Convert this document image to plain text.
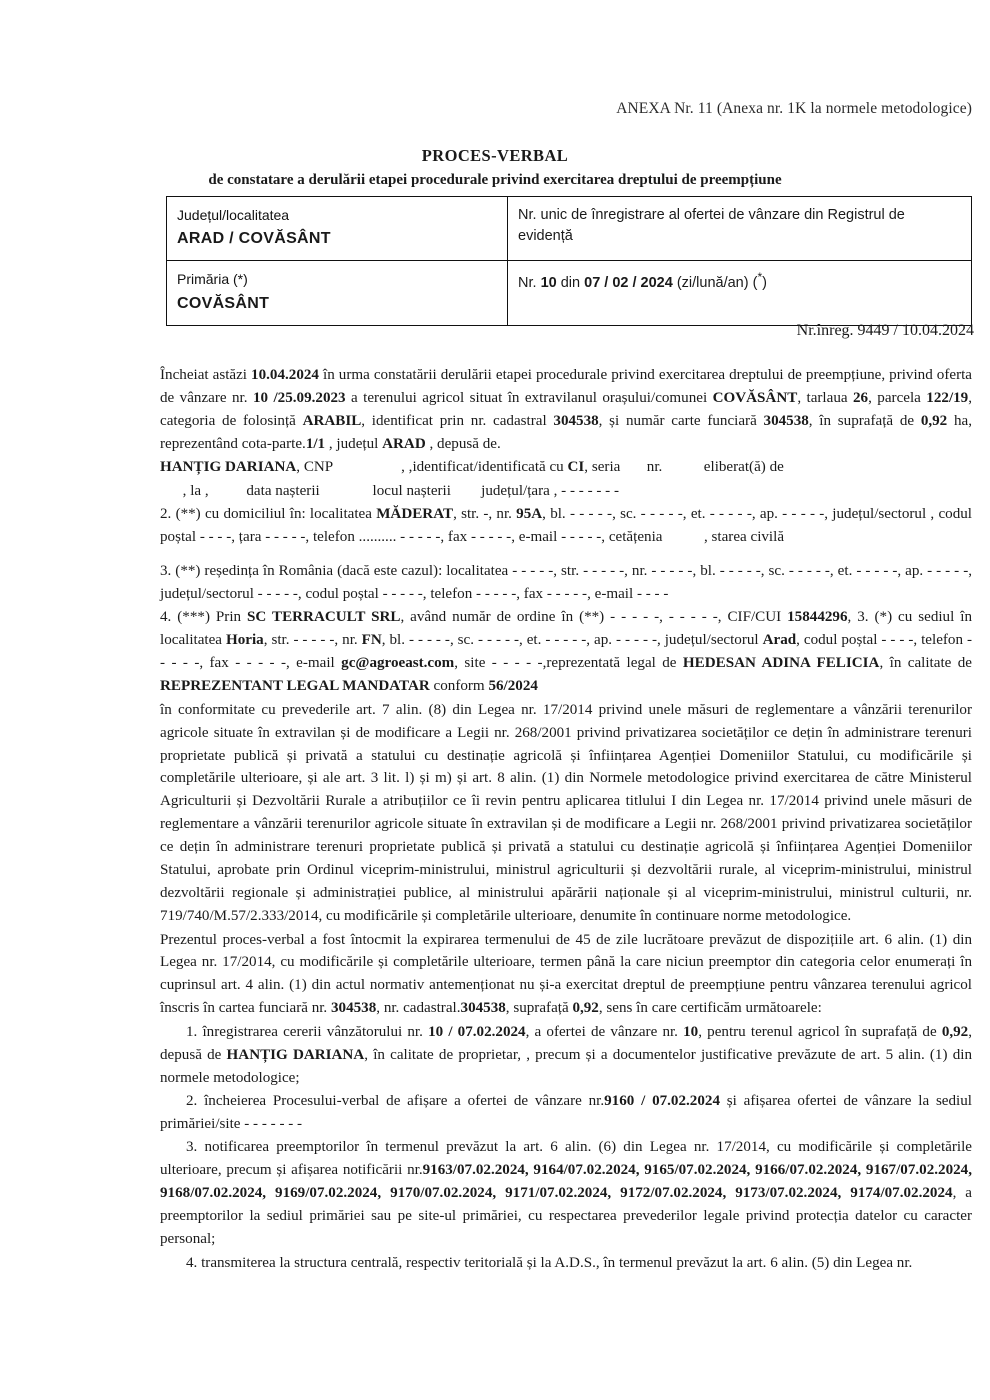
ANEXA Nr. 11 (Anexa nr. 1K la normele metodologice)
PROCES-VERBAL
de constatare a derulării etapei procedurale privind exercitarea dreptului de preempțiune
Județul/localitatea
ARAD / COVĂSÂNT	Nr. unic de înregistrare al ofertei de vânzare din Registrul de evidență

Primăria (*)
COVĂSÂNT	Nr. 10 din 07 / 02 / 2024 (zi/lună/an) (*)
Nr.înreg. 9449 / 10.04.2024

Încheiat astăzi 10.04.2024 în urma constatării derulării etapei procedurale privind exercitarea dreptului de preempțiune, privind oferta de vânzare nr. 10 /25.09.2023 a terenului agricol situat în extravilanul orașului/comunei COVĂSÂNT, tarlaua 26, parcela 122/19, categoria de folosință ARABIL, identificat prin nr. cadastral 304538, și număr carte funciară 304538, în suprafață de 0,92 ha, reprezentând cota-parte.1/1 , județul ARAD , depusă de.

HANȚIG DARIANA, CNP	, ,identificat/identificată cu CI, seria nr.	eliberat(ă) de

, la , data nașterii	locul nașterii județul/țara , - - - - - - -

2. (**) cu domiciliul în: localitatea MĂDERAT, str. -, nr. 95A, bl. - - - - -, sc. - - - - -, et. - - - - -, ap. - - - - -, județul/sectorul , codul poștal - - - -, țara - - - - -, telefon .......... - - - - -, fax - - - - -, e-mail - - - - -, cetățenia	, starea civilă

3. (**) reședința în România (dacă este cazul): localitatea - - - - -, str. - - - - -, nr. - - - - -, bl. - - - - -, sc. - - - - -, et. - - - - -, ap. - - - - -, județul/sectorul - - - - -, codul poștal - - - - -, telefon - - - - -, fax - - - - -, e-mail - - - -

4. (***) Prin SC TERRACULT SRL, având număr de ordine în (**) - - - - -, - - - - -, CIF/CUI 15844296, 3. (*) cu sediul în localitatea Horia, str. - - - - -, nr. FN, bl. - - - - -, sc. - - - - -, et. - - - - -, ap. - - - - -, județul/sectorul Arad, codul poștal - - - -, telefon - - - - -, fax - - - - -, e-mail gc@agroeast.com, site - - - - -,reprezentată legal de HEDESAN ADINA FELICIA, în calitate de REPREZENTANT LEGAL MANDATAR conform 56/2024

în conformitate cu prevederile art. 7 alin. (8) din Legea nr. 17/2014 privind unele măsuri de reglementare a vânzării terenurilor agricole situate în extravilan și de modificare a Legii nr. 268/2001 privind privatizarea societăților ce dețin în administrare terenuri proprietate publică și privată a statului cu destinație agricolă și înființarea Agenției Domeniilor Statului, cu modificările și completările ulterioare, și ale art. 3 lit. l) și m) și art. 8 alin. (1) din Normele metodologice privind exercitarea de către Ministerul Agriculturii și Dezvoltării Rurale a atribuțiilor ce îi revin pentru aplicarea titlului I din Legea nr. 17/2014 privind unele măsuri de reglementare a vânzării terenurilor agricole situate în extravilan și de modificare a Legii nr. 268/2001 privind privatizarea societăților ce dețin în administrare terenuri proprietate publică și privată a statului cu destinație agricolă și înființarea Agenției Domeniilor Statului, aprobate prin Ordinul viceprim-ministrului, ministrul agriculturii și dezvoltării rurale, al viceprim-ministrului, ministrul dezvoltării regionale și administrației publice, al ministrului apărării naționale și al viceprim-ministrului, ministrul culturii, nr. 719/740/M.57/2.333/2014, cu modificările și completările ulterioare, denumite în continuare norme metodologice.

Prezentul proces-verbal a fost întocmit la expirarea termenului de 45 de zile lucrătoare prevăzut de dispozițiile art. 6 alin. (1) din Legea nr. 17/2014, cu modificările și completările ulterioare, termen până la care niciun preemptor din categoria celor enumerați în cuprinsul art. 4 alin. (1) din actul normativ antemenționat nu și-a exercitat dreptul de preempțiune pentru vânzarea terenului agricol înscris în cartea funciară nr. 304538, nr. cadastral.304538, suprafață 0,92, sens în care certificăm următoarele:

1. înregistrarea cererii vânzătorului nr. 10 / 07.02.2024, a ofertei de vânzare nr. 10, pentru terenul agricol în suprafață de 0,92, depusă de HANȚIG DARIANA, în calitate de proprietar, , precum și a documentelor justificative prevăzute de art. 5 alin. (1) din normele metodologice;

2. încheierea Procesului-verbal de afișare a ofertei de vânzare nr.9160 / 07.02.2024 și afișarea ofertei de vânzare la sediul primăriei/site - - - - - - -

3. notificarea preemptorilor în termenul prevăzut la art. 6 alin. (6) din Legea nr. 17/2014, cu modificările și completările ulterioare, precum și afișarea notificării nr.9163/07.02.2024, 9164/07.02.2024, 9165/07.02.2024, 9166/07.02.2024, 9167/07.02.2024, 9168/07.02.2024, 9169/07.02.2024, 9170/07.02.2024, 9171/07.02.2024, 9172/07.02.2024, 9173/07.02.2024, 9174/07.02.2024, a preemptorilor la sediul primăriei sau pe site-ul primăriei, cu respectarea prevederilor legale privind protecția datelor cu caracter personal;

4. transmiterea la structura centrală, respectiv teritorială și la A.D.S., în termenul prevăzut la art. 6 alin. (5) din Legea nr.
